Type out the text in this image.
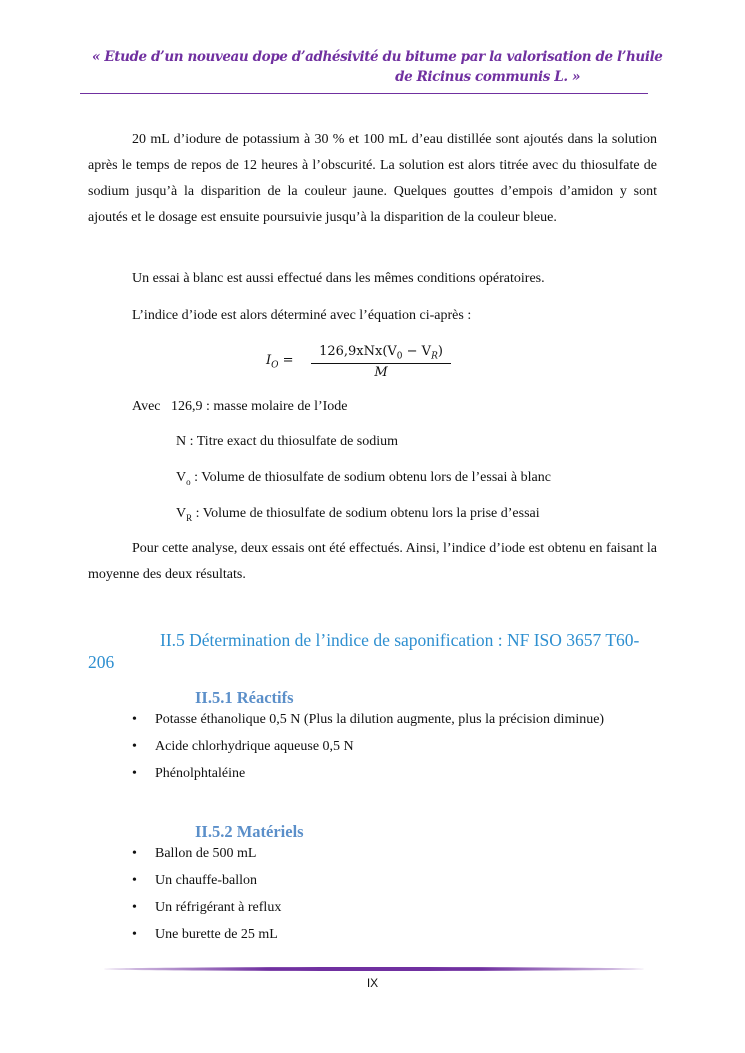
« Etude d’un nouveau dope d’adhésivité du bitume par la valorisation de l’huile
de Ricinus communis L. »
20 mL d’iodure de potassium à 30 % et 100 mL d’eau distillée sont ajoutés dans la solution après le temps de repos de 12 heures à l’obscurité. La solution est alors titrée avec du thiosulfate de sodium jusqu’à la disparition de la couleur jaune. Quelques gouttes d’empois d’amidon y sont ajoutés et le dosage est ensuite poursuivie jusqu’à la disparition de la couleur bleue.
Un essai à blanc est aussi effectué dans les mêmes conditions opératoires.
L’indice d’iode est alors déterminé avec l’équation ci-après :
$I_O$ =
$126,9xNx(V_0 - V_R)$
M
Avec 126,9 : masse molaire de l’Iode
N : Titre exact du thiosulfate de sodium
$V_o$ : Volume de thiosulfate de sodium obtenu lors de l’essai à blanc
$V_R$ : Volume de thiosulfate de sodium obtenu lors la prise d’essai
Pour cette analyse, deux essais ont été effectués. Ainsi, l’indice d’iode est obtenu en faisant la moyenne des deux résultats.
II.5 Détermination de l’indice de saponification : NF ISO 3657 T60-
206
II.5.1 Réactifs
• Potasse éthanolique 0,5 N (Plus la dilution augmente, plus la précision diminue)
• Acide chlorhydrique aqueuse 0,5 N
• Phénolphtaléine
II.5.2 Matériels
• Ballon de 500 mL
• Un chauffe-ballon
• Un réfrigérant à reflux
• Une burette de 25 mL
IX
